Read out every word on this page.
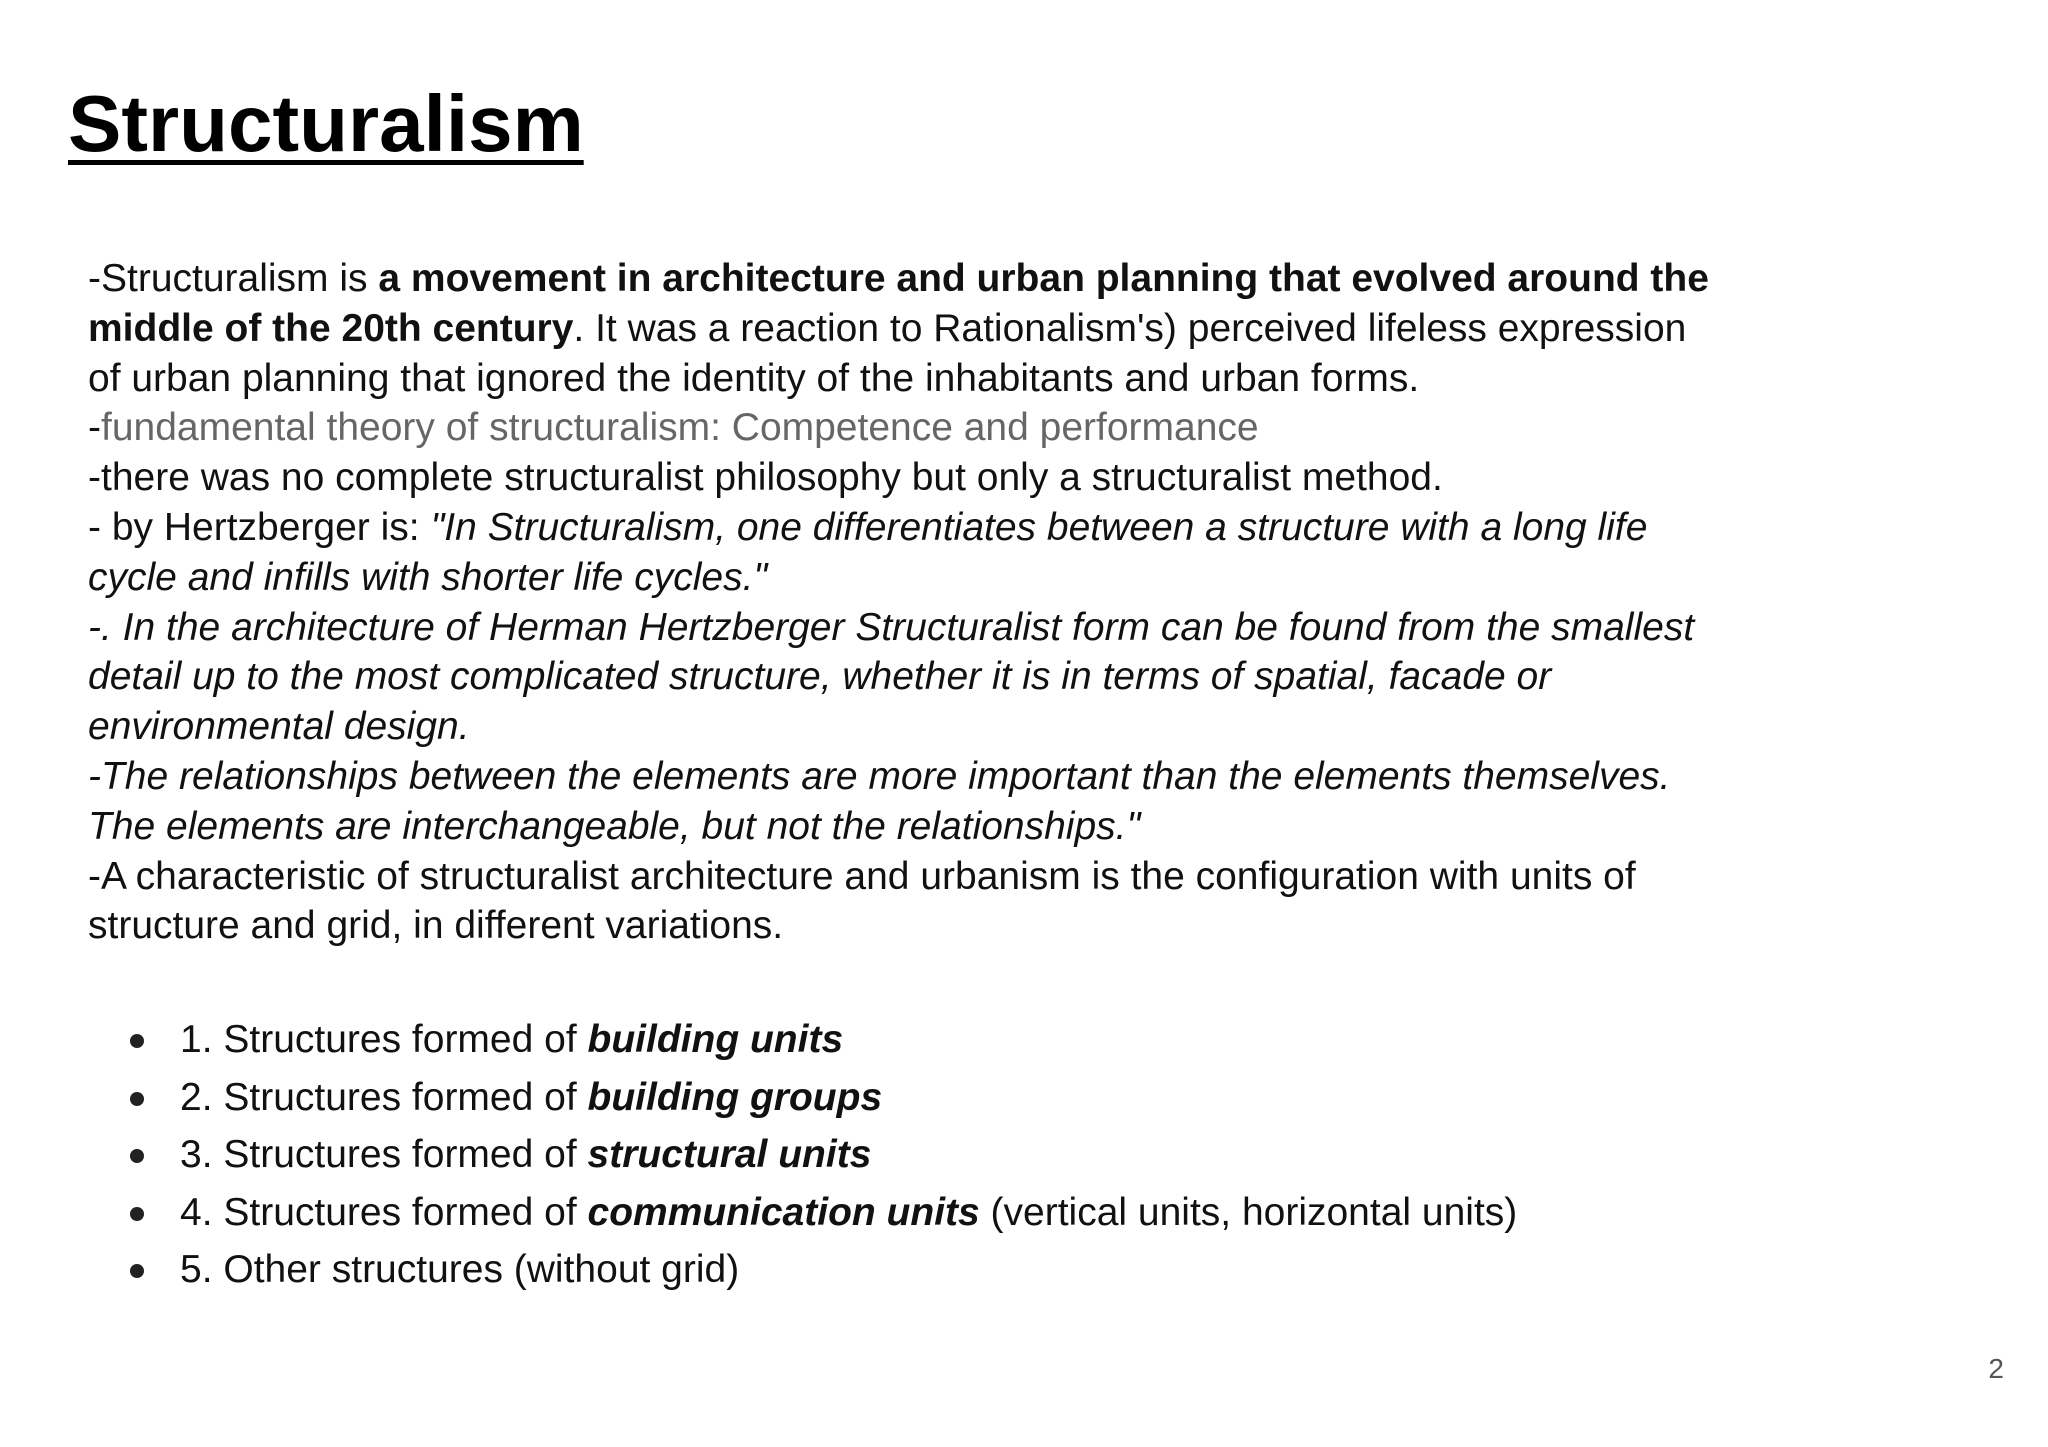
Structuralism

-Structuralism is a movement in architecture and urban planning that evolved around the middle of the 20th century. It was a reaction to Rationalism's) perceived lifeless expression of urban planning that ignored the identity of the inhabitants and urban forms.

-fundamental theory of structuralism: Competence and performance

-there was no complete structuralist philosophy but only a structuralist method.

- by Hertzberger is: "In Structuralism, one differentiates between a structure with a long life cycle and infills with shorter life cycles."

-. In the architecture of Herman Hertzberger Structuralist form can be found from the smallest detail up to the most complicated structure, whether it is in terms of spatial, facade or environmental design.

-The relationships between the elements are more important than the elements themselves. The elements are interchangeable, but not the relationships."

-A characteristic of structuralist architecture and urbanism is the configuration with units of structure and grid, in different variations.

1. Structures formed of building units
2. Structures formed of building groups
3. Structures formed of structural units
4. Structures formed of communication units (vertical units, horizontal units)
5. Other structures (without grid)
2
